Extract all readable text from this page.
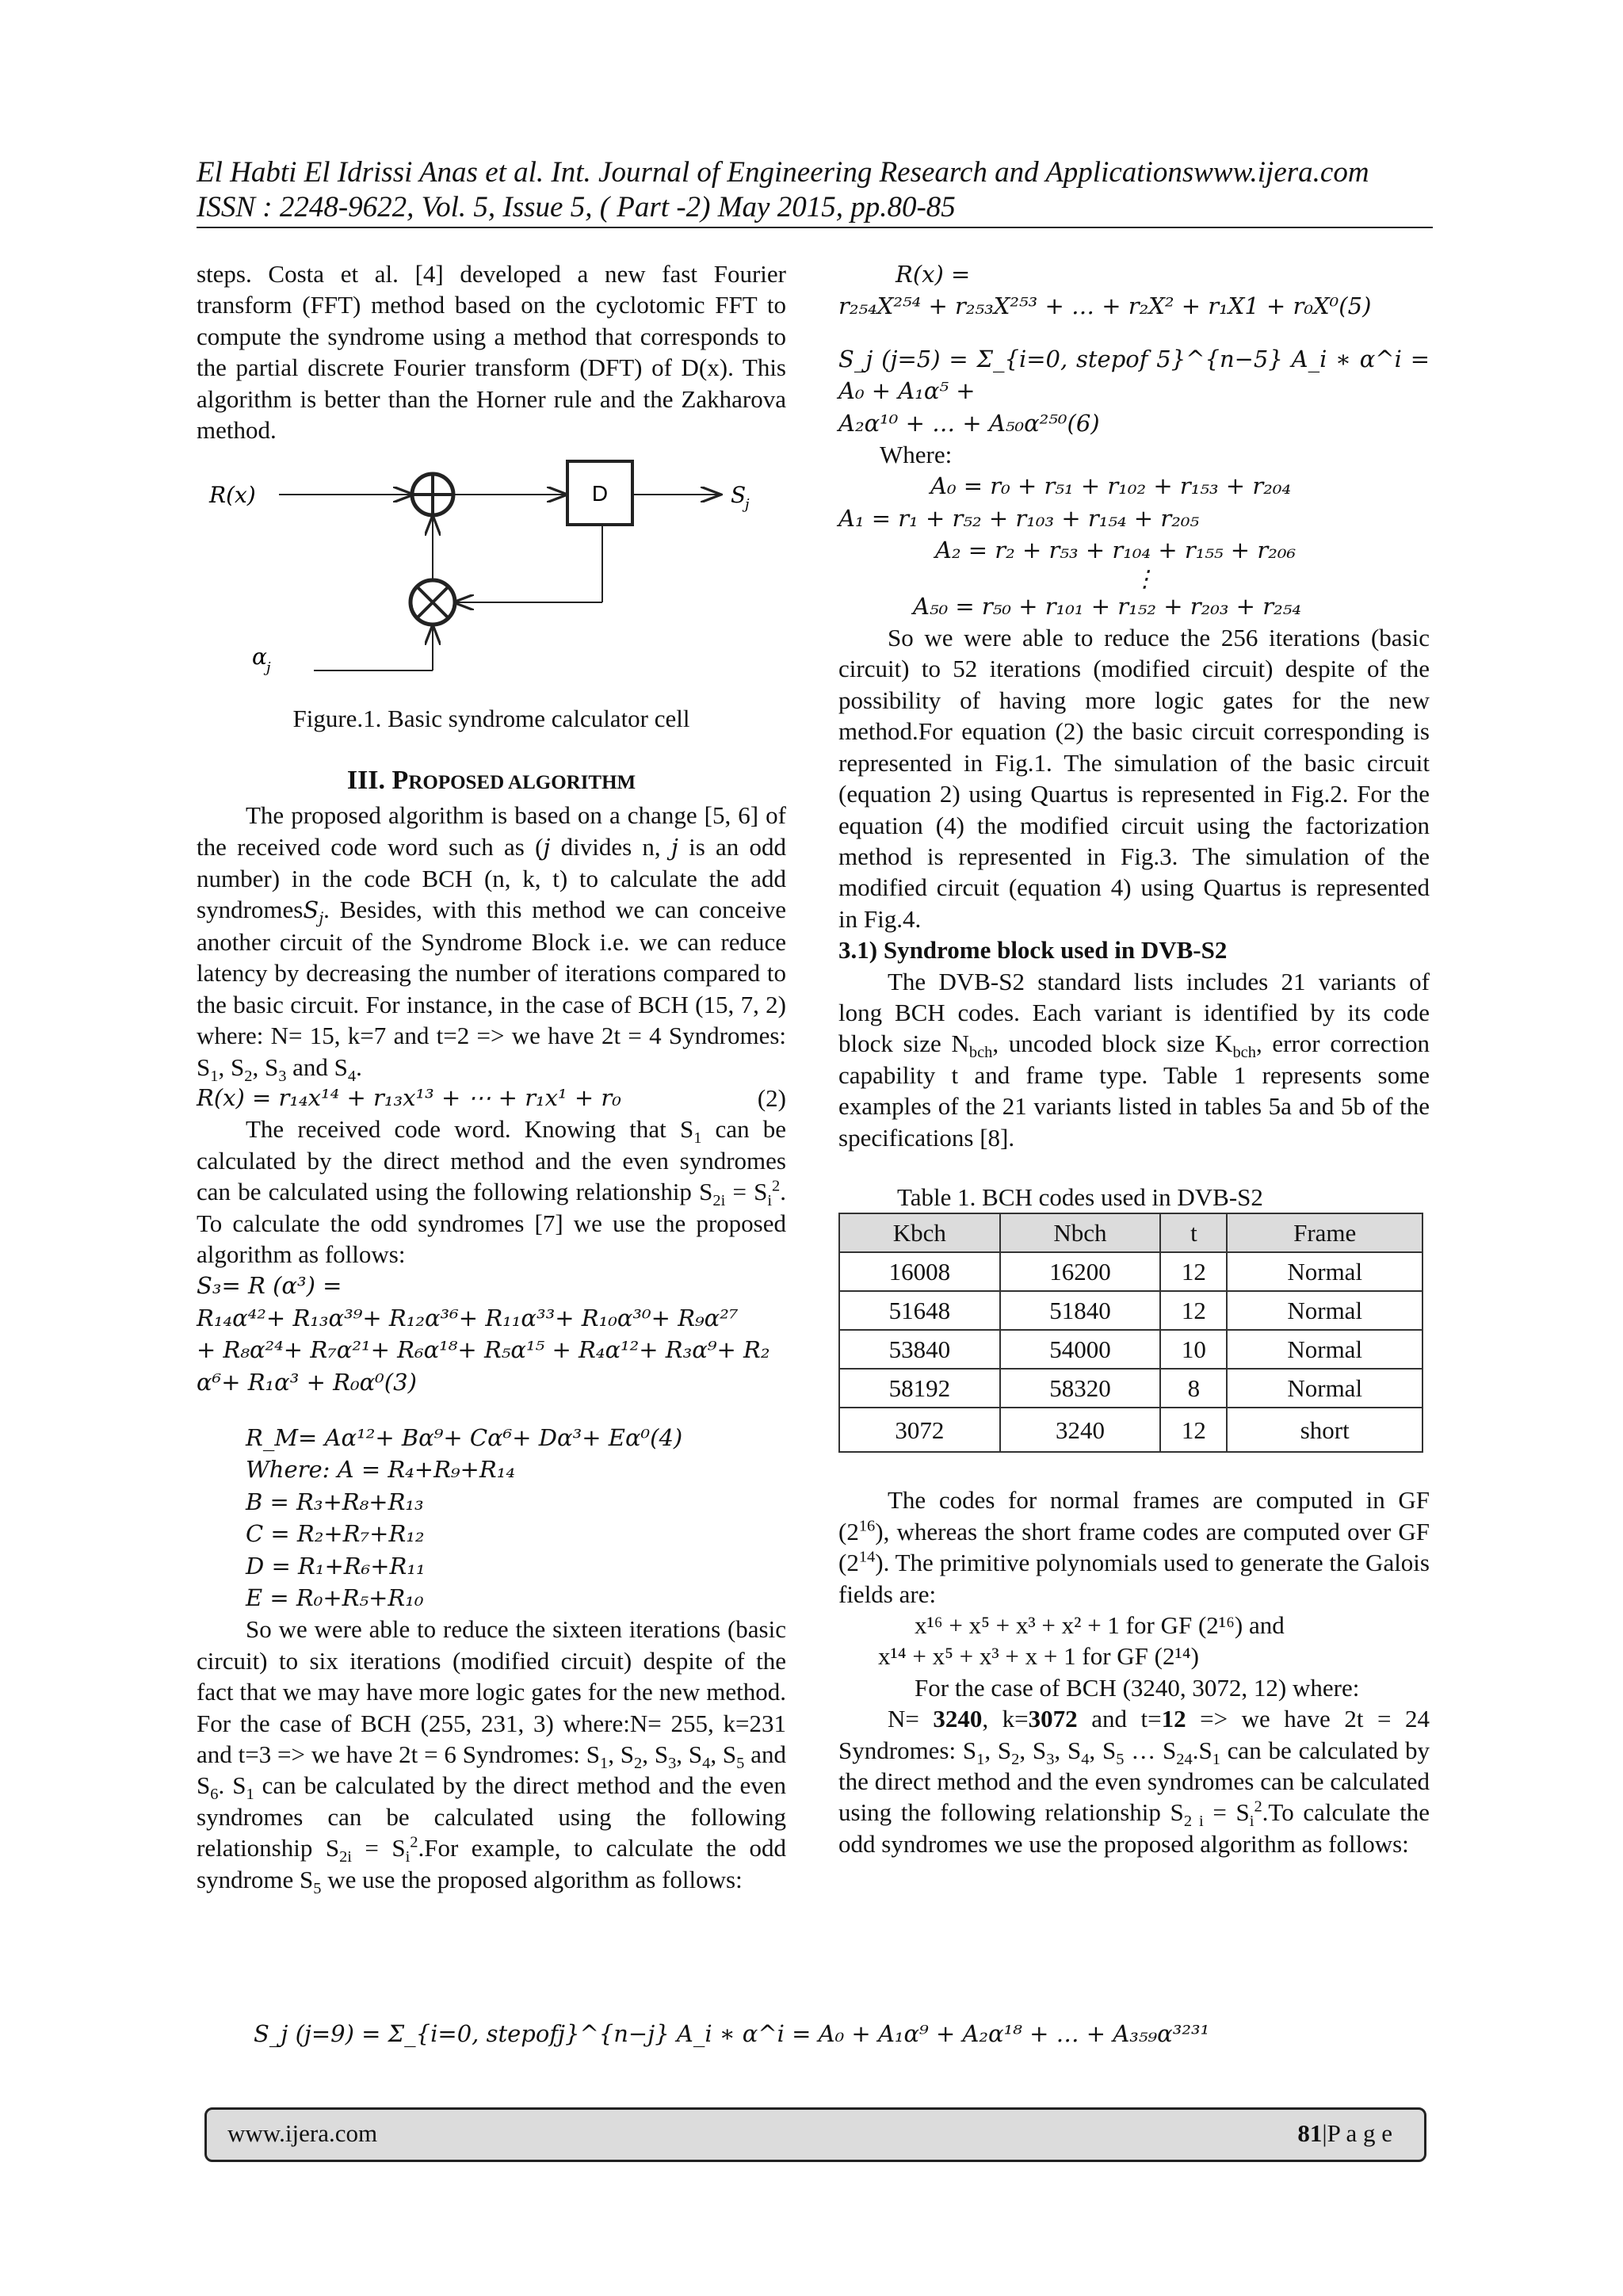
El Habti El Idrissi Anas et al. Int. Journal of Engineering Research and Applicationswww.ijera.com
ISSN : 2248-9622, Vol. 5, Issue 5, ( Part -2) May 2015, pp.80-85

steps. Costa et al. [4] developed a new fast Fourier transform (FFT) method based on the cyclotomic FFT to compute the syndrome using a method that corresponds to the partial discrete Fourier transform (DFT) of D(x). This algorithm is better than the Horner rule and the Zakharova method.

D
R(x)	S
j
α j

Figure.1. Basic syndrome calculator cell

III. PROPOSED ALGORITHM

The proposed algorithm is based on a change [5, 6] of the received code word such as (j divides n, j is an odd number) in the code BCH (n, k, t) to calculate the add syndromesS$_j$. Besides, with this method we can conceive another circuit of the Syndrome Block i.e. we can reduce latency by decreasing the number of iterations compared to the basic circuit. For instance, in the case of BCH (15, 7, 2) where: N= 15, k=7 and t=2 => we have 2t = 4 Syndromes: $S_1$, $S_2$, $S_3$ and $S_4$.

R(x) = r₁₄x¹⁴ + r₁₃x¹³ + ⋯ + r₁x¹ + r₀	(2)

The received code word. Knowing that $S_1$ can be calculated by the direct method and the even syndromes can be calculated using the following relationship $S_{2i} = S_i^2$. To calculate the odd syndromes [7] we use the proposed algorithm as follows:

S₃= R (α³) =

R₁₄α⁴²+ R₁₃α³⁹+ R₁₂α³⁶+ R₁₁α³³+ R₁₀α³⁰+ R₉α²⁷

+ R₈α²⁴+ R₇α²¹+ R₆α¹⁸+ R₅α¹⁵ + R₄α¹²+ R₃α⁹+ R₂

α⁶+ R₁α³ + R₀α⁰(3)

R_M= Aα¹²+ Bα⁹+ Cα⁶+ Dα³+ Eα⁰(4)

Where: A = R₄+R₉+R₁₄

B = R₃+R₈+R₁₃

C = R₂+R₇+R₁₂

D = R₁+R₆+R₁₁

E = R₀+R₅+R₁₀

So we were able to reduce the sixteen iterations (basic circuit) to six iterations (modified circuit) despite of the fact that we may have more logic gates for the new method. For the case of BCH (255, 231, 3) where:N= 255, k=231 and t=3 => we have 2t = 6 Syndromes: $S_1$, $S_2$, $S_3$, $S_4$, $S_5$ and $S_6$. $S_1$ can be calculated by the direct method and the even syndromes can be calculated using the following relationship $S_{2i} = S_i^2.For$ example, to calculate the odd syndrome $S_5$ we use the proposed algorithm as follows:

S_j (j=9) = Σ_{i=0, stepofj}^{n−j} A_i ∗ α^i = A₀ + A₁α⁹ + A₂α¹⁸ + … + A₃₅₉α³²³¹

R(x) =

r₂₅₄X²⁵⁴ + r₂₅₃X²⁵³ + … + r₂X² + r₁X1 + r₀X⁰(5)

S_j (j=5) = Σ_{i=0, stepof 5}^{n−5} A_i ∗ α^i = A₀ + A₁α⁵ +

A₂α¹⁰ + … + A₅₀α²⁵⁰(6)

Where:

A₀ = r₀ + r₅₁ + r₁₀₂ + r₁₅₃ + r₂₀₄

A₁ = r₁ + r₅₂ + r₁₀₃ + r₁₅₄ + r₂₀₅

A₂ = r₂ + r₅₃ + r₁₀₄ + r₁₅₅ + r₂₀₆

⋮

A₅₀ = r₅₀ + r₁₀₁ + r₁₅₂ + r₂₀₃ + r₂₅₄

So we were able to reduce the 256 iterations (basic circuit) to 52 iterations (modified circuit) despite of the possibility of having more logic gates for the new method.For equation (2) the basic circuit corresponding is represented in Fig.1. The simulation of the basic circuit (equation 2) using Quartus is represented in Fig.2. For the equation (4) the modified circuit using the factorization method is represented in Fig.3. The simulation of the modified circuit (equation 4) using Quartus is represented in Fig.4.

3.1) Syndrome block used in DVB-S2

The DVB-S2 standard lists includes 21 variants of long BCH codes. Each variant is identified by its code block size $N_{bch}$, uncoded block size $K_{bch}$, error correction capability t and frame type. Table 1 represents some examples of the 21 variants listed in tables 5a and 5b of the specifications [8].

Table 1. BCH codes used in DVB-S2

Kbch	Nbch	t	Frame
16008	16200	12	Normal
51648	51840	12	Normal
53840	54000	10	Normal
58192	58320	8	Normal
3072	3240	12	short

The codes for normal frames are computed in GF $(2^{16})$, whereas the short frame codes are computed over GF $(2^{14})$. The primitive polynomials used to generate the Galois fields are:

x¹⁶ + x⁵ + x³ + x² + 1 for GF (2¹⁶) and

x¹⁴ + x⁵ + x³ + x + 1 for GF (2¹⁴)

For the case of BCH (3240, 3072, 12) where:

N= 3240, k=3072 and t=12 => we have 2t = 24 Syndromes: $S_1$, $S_2$, $S_3$, $S_4$, $S_5$ … $S_{24}.S_1$ can be calculated by the direct method and the even syndromes can be calculated using the following relationship $S_{2 i} = S_i^2.To$ calculate the odd syndromes we use the proposed algorithm as follows:

www.ijera.com	81|P a g e
